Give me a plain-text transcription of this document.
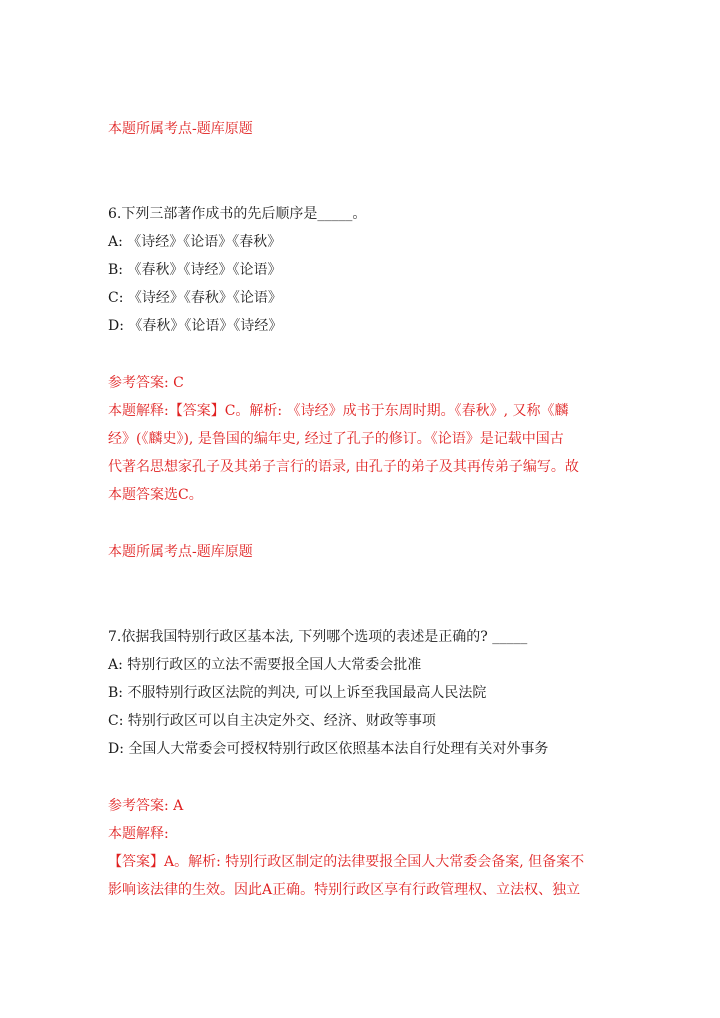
本题所属考点-题库原题
6.下列三部著作成书的先后顺序是_____。
A: 《诗经》《论语》《春秋》
B: 《春秋》《诗经》《论语》
C: 《诗经》《春秋》《论语》
D: 《春秋》《论语》《诗经》
参考答案: C
本题解释:【答案】C。解析: 《诗经》成书于东周时期。《春秋》, 又称《麟
经》(《麟史》), 是鲁国的编年史, 经过了孔子的修订。《论语》是记载中国古
代著名思想家孔子及其弟子言行的语录, 由孔子的弟子及其再传弟子编写。故
本题答案选C。
本题所属考点-题库原题
7.依据我国特别行政区基本法, 下列哪个选项的表述是正确的? _____
A: 特别行政区的立法不需要报全国人大常委会批准
B: 不服特别行政区法院的判决, 可以上诉至我国最高人民法院
C: 特别行政区可以自主决定外交、经济、财政等事项
D: 全国人大常委会可授权特别行政区依照基本法自行处理有关对外事务
参考答案: A
本题解释:
【答案】A。解析: 特别行政区制定的法律要报全国人大常委会备案, 但备案不
影响该法律的生效。因此A正确。特别行政区享有行政管理权、立法权、独立
